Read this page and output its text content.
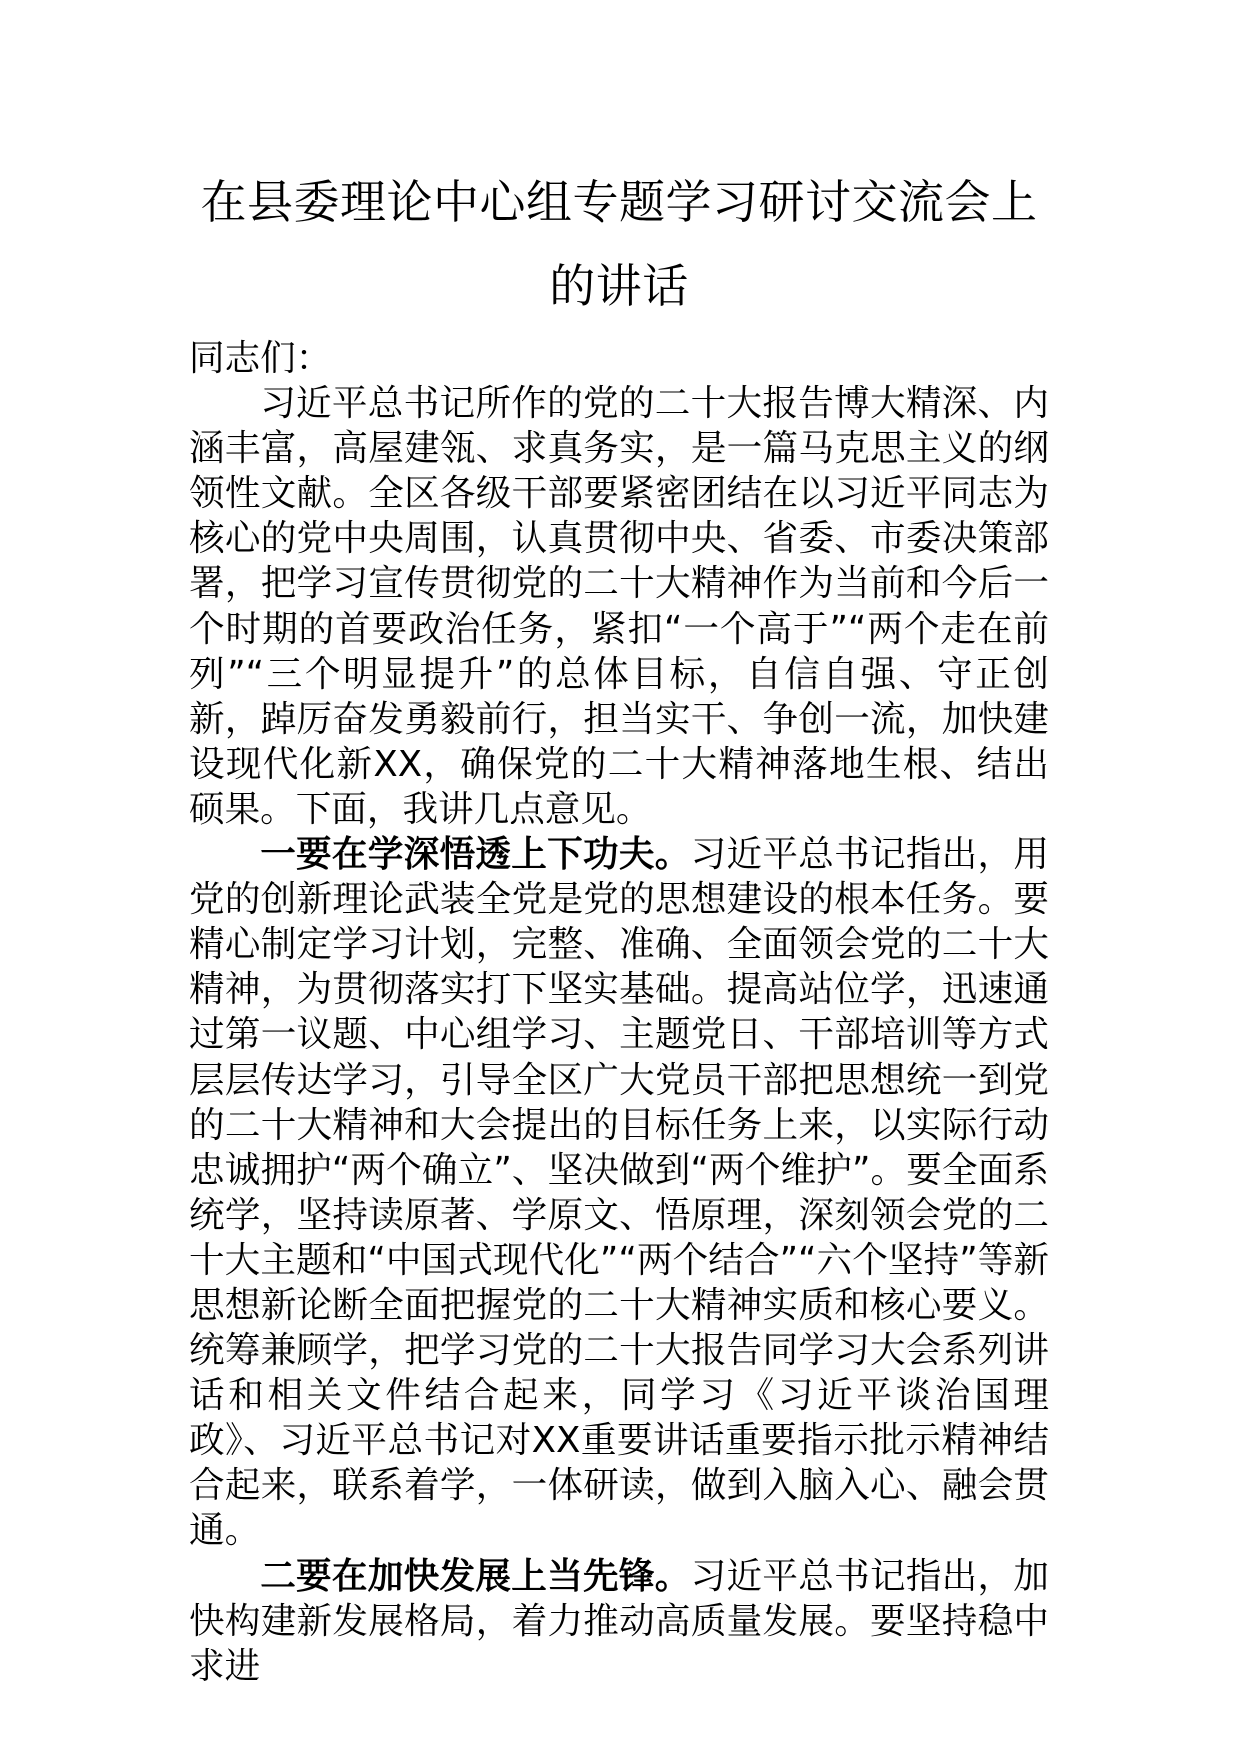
在县委理论中心组专题学习研讨交流会上
的讲话

同志们：

习近平总书记所作的党的二十大报告博大精深、内涵丰富，高屋建瓴、求真务实，是一篇马克思主义的纲领性文献。全区各级干部要紧密团结在以习近平同志为核心的党中央周围，认真贯彻中央、省委、市委决策部署，把学习宣传贯彻党的二十大精神作为当前和今后一个时期的首要政治任务，紧扣“一个高于”“两个走在前列”“三个明显提升”的总体目标，自信自强、守正创新，踔厉奋发勇毅前行，担当实干、争创一流，加快建设现代化新XX，确保党的二十大精神落地生根、结出硕果。下面，我讲几点意见。

一要在学深悟透上下功夫。习近平总书记指出，用党的创新理论武装全党是党的思想建设的根本任务。要精心制定学习计划，完整、准确、全面领会党的二十大精神，为贯彻落实打下坚实基础。提高站位学，迅速通过第一议题、中心组学习、主题党日、干部培训等方式层层传达学习，引导全区广大党员干部把思想统一到党的二十大精神和大会提出的目标任务上来，以实际行动忠诚拥护“两个确立”、坚决做到“两个维护”。要全面系统学，坚持读原著、学原文、悟原理，深刻领会党的二十大主题和“中国式现代化”“两个结合”“六个坚持”等新思想新论断全面把握党的二十大精神实质和核心要义。统筹兼顾学，把学习党的二十大报告同学习大会系列讲话和相关文件结合起来，同学习《习近平谈治国理政》、习近平总书记对XX重要讲话重要指示批示精神结合起来，联系着学，一体研读，做到入脑入心、融会贯通。

二要在加快发展上当先锋。习近平总书记指出，加快构建新发展格局，着力推动高质量发展。要坚持稳中求进
